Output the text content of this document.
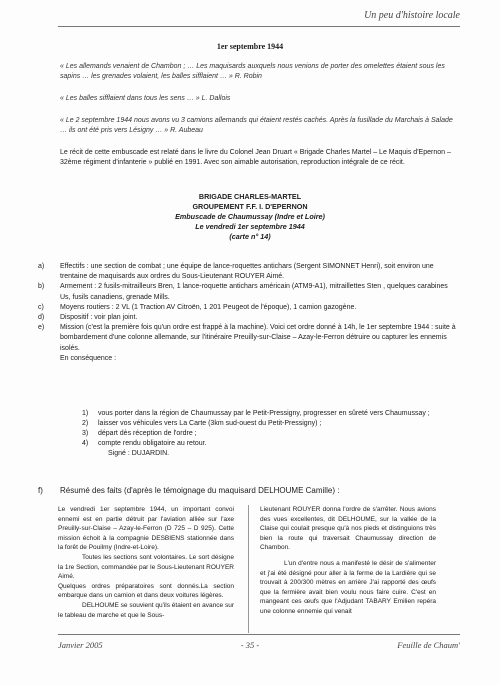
Un peu d'histoire locale
1er septembre 1944

« Les allemands venaient de Chambon ; … Les maquisards auxquels nous venions de porter des omelettes étaient sous les sapins … les grenades volaient, les balles sifflaient … » R. Robin

« Les balles sifflaient dans tous les sens … » L. Dallois

« Le 2 septembre 1944 nous avons vu 3 camions allemands qui étaient restés cachés. Après la fusillade du Marchais à Salade … ils ont été pris vers Lésigny … » R. Aubeau

Le récit de cette embuscade est relaté dans le livre du Colonel Jean Druart « Brigade Charles Martel – Le Maquis d'Epernon – 32ème régiment d'infanterie » publié en 1991. Avec son aimable autorisation, reproduction intégrale de ce récit.

BRIGADE CHARLES-MARTEL
GROUPEMENT F.F. I. D'EPERNON
Embuscade de Chaumussay (Indre et Loire)
Le vendredi 1er septembre 1944
(carte n° 14)
a) Effectifs : une section de combat ; une équipe de lance-roquettes antichars (Sergent SIMONNET Henri), soit environ une trentaine de maquisards aux ordres du Sous-Lieutenant ROUYER Aimé.
b) Armement : 2 fusils-mitrailleurs Bren, 1 lance-roquette antichars américain (ATM9-A1), mitraillettes Sten , quelques carabines Us, fusils canadiens, grenade Mills.
c) Moyens routiers : 2 VL (1 Traction AV Citroën, 1 201 Peugeot de l'époque), 1 camion gazogène.
d) Dispositif : voir plan joint.
e) Mission (c'est la première fois qu'un ordre est frappé à la machine). Voici cet ordre donné à 14h, le 1er septembre 1944 : suite à bombardement d'une colonne allemande, sur l'itinéraire Preuilly-sur-Claise – Azay-le-Ferron détruire ou capturer les ennemis isolés.
En conséquence :
1) vous porter dans la région de Chaumussay par le Petit-Pressigny, progresser en sûreté vers Chaumussay ;
2) laisser vos véhicules vers La Carte (3km sud-ouest du Petit-Pressigny) ;
3) départ dès réception de l'ordre ;
4) compte rendu obligatoire au retour.
Signé : DUJARDIN.
f) Résumé des faits (d'après le témoignage du maquisard DELHOUME Camille) :

Le vendredi 1er septembre 1944, un important convoi ennemi est en partie détruit par l'aviation alliée sur l'axe Preuilly-sur-Claise – Azay-le-Ferron (D 725 – D 925). Cette mission échoit à la compagnie DESBIENS stationnée dans la forêt de Pouilmy (Indre-et-Loire).

Toutes les sections sont volontaires. Le sort désigne la 1re Section, commandée par le Sous-Lieutenant ROUYER Aimé.

Quelques ordres préparatoires sont donnés.La section embarque dans un camion et dans deux voitures légères.

DELHOUME se souvient qu'ils étaient en avance sur le tableau de marche et que le Sous-

Lieutenant ROUYER donna l'ordre de s'arrêter. Nous avions des vues excellentes, dit DELHOUME, sur la vallée de la Claise qui coulait presque qu'à nos pieds et distinguions très bien la route qui traversait Chaumussay direction de Chambon.

L'un d'entre nous a manifesté le désir de s'alimenter et j'ai été désigné pour aller à la ferme de la Lardière qui se trouvait à 200/300 mètres en arrière J'ai rapporté des œufs que la fermière avait bien voulu nous faire cuire. C'est en mangeant ces œufs que l'Adjudant TABARY Emilien repéra une colonne ennemie qui venait

Janvier 2005	- 35 -	Feuille de Chaum'
